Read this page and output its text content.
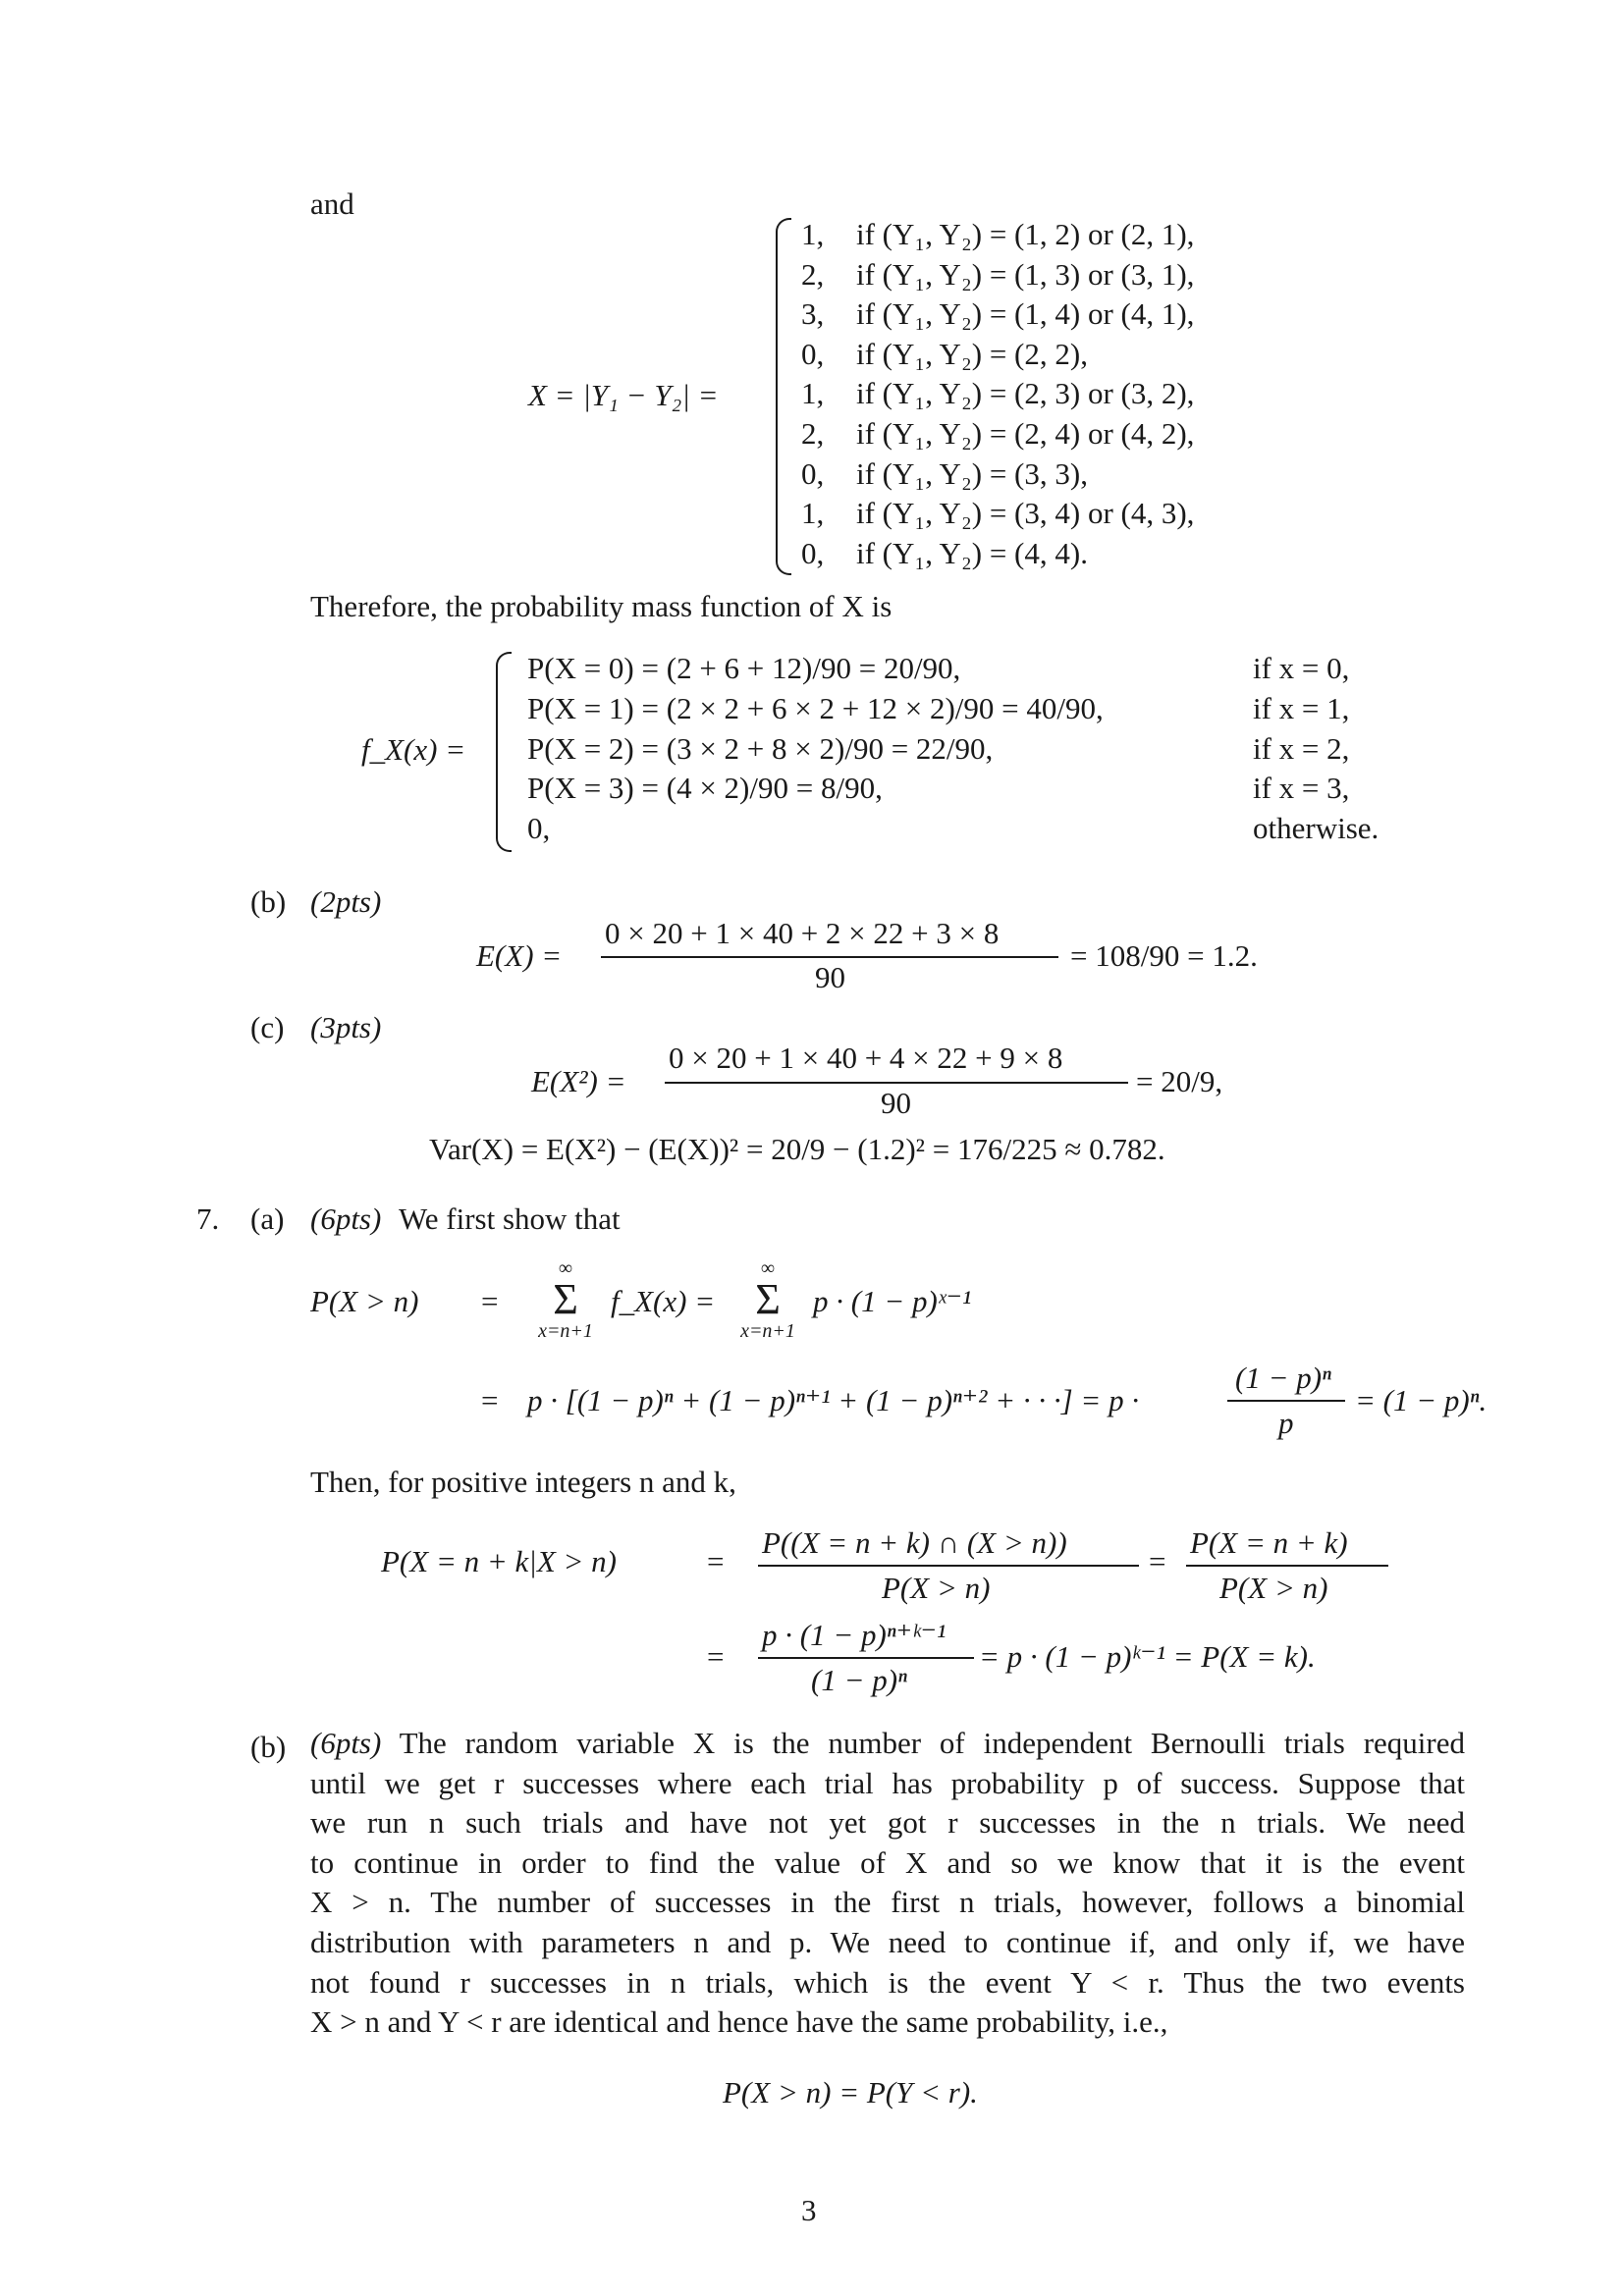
and
X = |Y₁ − Y₂| =
1, if (Y₁, Y₂) = (1, 2) or (2, 1),
2, if (Y₁, Y₂) = (1, 3) or (3, 1),
3, if (Y₁, Y₂) = (1, 4) or (4, 1),
0, if (Y₁, Y₂) = (2, 2),
1, if (Y₁, Y₂) = (2, 3) or (3, 2),
2, if (Y₁, Y₂) = (2, 4) or (4, 2),
0, if (Y₁, Y₂) = (3, 3),
1, if (Y₁, Y₂) = (3, 4) or (4, 3),
0, if (Y₁, Y₂) = (4, 4).
Therefore, the probability mass function of X is
f_X(x) =
P(X = 0) = (2 + 6 + 12)/90 = 20/90,	if x = 0,
P(X = 1) = (2 × 2 + 6 × 2 + 12 × 2)/90 = 40/90,	if x = 1,
P(X = 2) = (3 × 2 + 8 × 2)/90 = 22/90,	if x = 2,
P(X = 3) = (4 × 2)/90 = 8/90,	if x = 3,
0,	otherwise.
(b) (2pts)
E(X) =
0 × 20 + 1 × 40 + 2 × 22 + 3 × 8
90
= 108/90 = 1.2.
(c) (3pts)
E(X²) =
0 × 20 + 1 × 40 + 4 × 22 + 9 × 8
90
= 20/9,
Var(X) = E(X²) − (E(X))² = 20/9 − (1.2)² = 176/225 ≈ 0.782.
7. (a) (6pts) We first show that
P(X > n) =
∞
Σ
x=n+1
f_X(x) =
∞
Σ
x=n+1
p · (1 − p)ˣ⁻¹
= p · [(1 − p)ⁿ + (1 − p)ⁿ⁺¹ + (1 − p)ⁿ⁺² + · · ·] = p ·
(1 − p)ⁿ
p
= (1 − p)ⁿ.
Then, for positive integers n and k,
P(X = n + k|X > n)	=
P((X = n + k) ∩ (X > n))
P(X > n)
=
P(X = n + k)
P(X > n)
=
p · (1 − p)ⁿ⁺ᵏ⁻¹
(1 − p)ⁿ
= p · (1 − p)ᵏ⁻¹ = P(X = k).
(b) (6pts) The random variable X is the number of independent Bernoulli trials required
until we get r successes where each trial has probability p of success. Suppose that
we run n such trials and have not yet got r successes in the n trials. We need
to continue in order to find the value of X and so we know that it is the event
X > n. The number of successes in the first n trials, however, follows a binomial
distribution with parameters n and p. We need to continue if, and only if, we have
not found r successes in n trials, which is the event Y < r. Thus the two events
X > n and Y < r are identical and hence have the same probability, i.e.,
P(X > n) = P(Y < r).
3
